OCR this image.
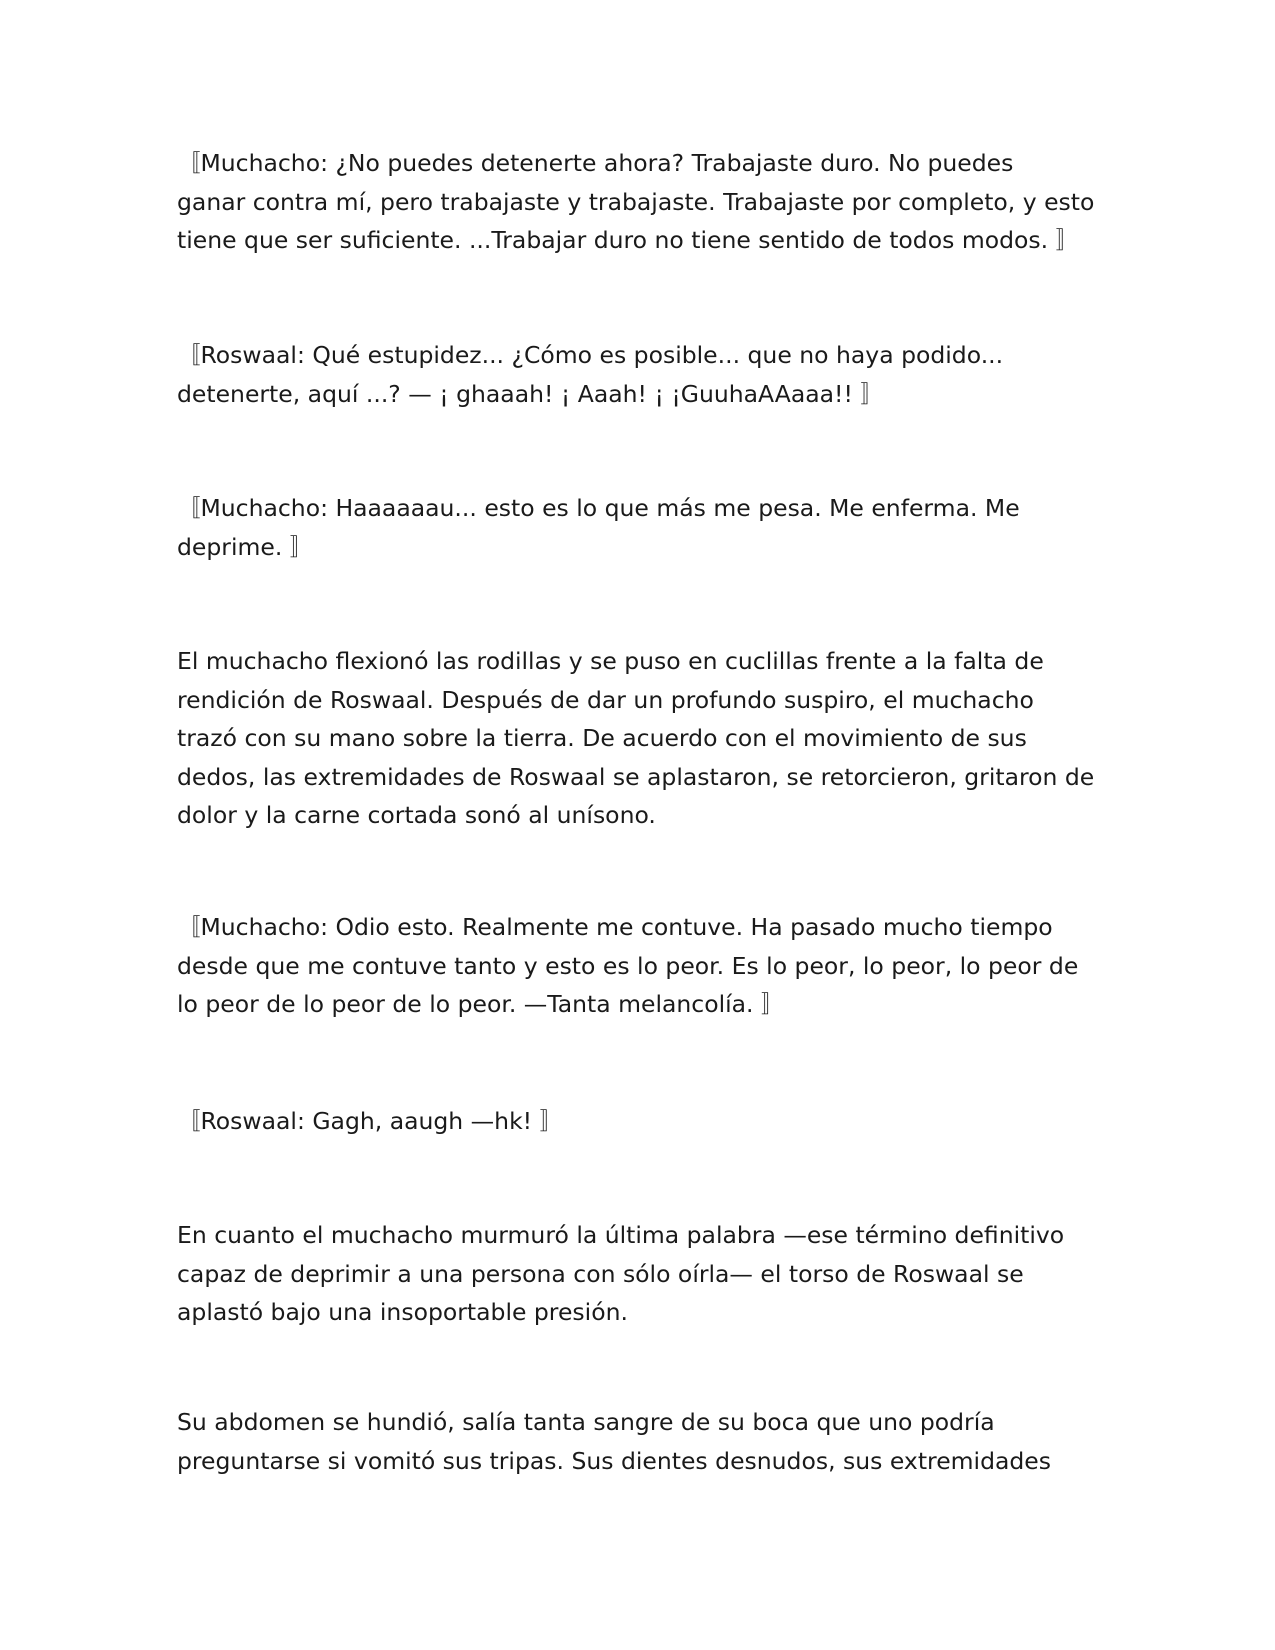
〚Muchacho: ¿No puedes detenerte ahora? Trabajaste duro. No puedes
ganar contra mí, pero trabajaste y trabajaste. Trabajaste por completo, y esto
tiene que ser suficiente. ...Trabajar duro no tiene sentido de todos modos. 〛

〚Roswaal: Qué estupidez... ¿Cómo es posible... que no haya podido...
detenerte, aquí ...? — ¡ ghaaah! ¡ Aaah! ¡ ¡GuuhaAAaaa!! 〛

〚Muchacho: Haaaaaau... esto es lo que más me pesa. Me enferma. Me
deprime. 〛

El muchacho flexionó las rodillas y se puso en cuclillas frente a la falta de
rendición de Roswaal. Después de dar un profundo suspiro, el muchacho
trazó con su mano sobre la tierra. De acuerdo con el movimiento de sus
dedos, las extremidades de Roswaal se aplastaron, se retorcieron, gritaron de
dolor y la carne cortada sonó al unísono.

〚Muchacho: Odio esto. Realmente me contuve. Ha pasado mucho tiempo
desde que me contuve tanto y esto es lo peor. Es lo peor, lo peor, lo peor de
lo peor de lo peor de lo peor. —Tanta melancolía. 〛

〚Roswaal: Gagh, aaugh —hk! 〛

En cuanto el muchacho murmuró la última palabra —ese término definitivo
capaz de deprimir a una persona con sólo oírla— el torso de Roswaal se
aplastó bajo una insoportable presión.

Su abdomen se hundió, salía tanta sangre de su boca que uno podría
preguntarse si vomitó sus tripas. Sus dientes desnudos, sus extremidades
